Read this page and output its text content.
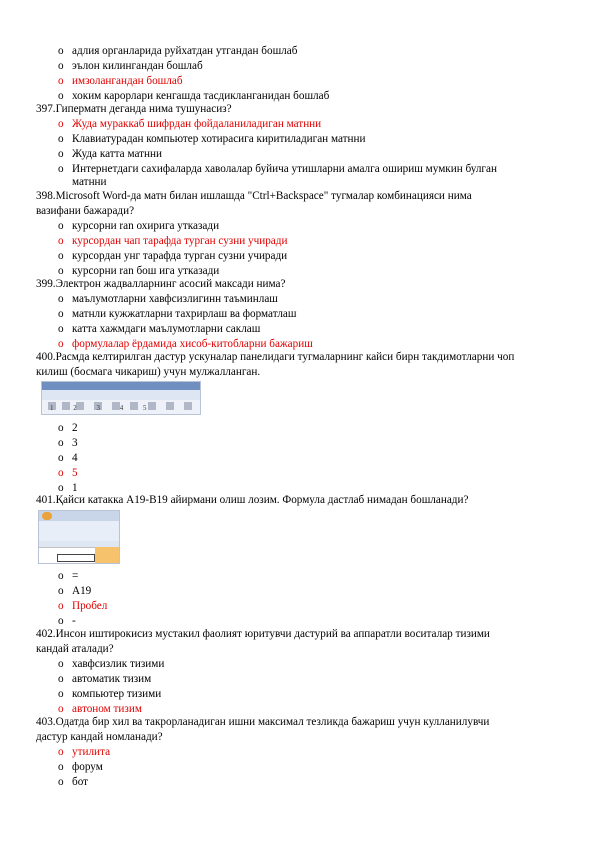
o адлия органларида руйхатдан утгандан бошлаб
o эълон килингандан бошлаб
o имзолангандан бошлаб
o хоким карорлари кенгашда тасдикланганидан бошлаб
397.Гиперматн деганда нима тушунасиз?
o Жуда мураккаб шифрдан фойдаланиладиган матнни
o Клавиатурадан компьютер хотирасига киритиладиган матнни
o Жуда катта матнни
o Интернетдаги сахифаларда хаволалар буйича утишларни амалга ошириш мумкин булган
матнни
398.Microsoft Word-да матн билан ишлашда "Ctrl+Backspace" тугмалар комбинацияси нима
вазифани бажаради?
o курсорни ran охирига утказади
o курсордан чап тарафда турган сузни учиради
o курсордан унг тарафда турган сузни учиради
o курсорни ran бош ига утказади
399.Электрон жадвалларнинг асосий максади нима?
o маълумотларни хавфсизлигинн таъминлаш
o матнли кужжатларни тахрирлаш ва форматлаш
o катта хажмдаги маълумотларни саклаш
o формулалар ёрдамида хисоб-китобларни бажариш
400.Расмда келтирилган дастур ускуналар панелидаги тугмаларнинг кайси бирн такдимотларни чоп
килиш (босмага чикариш) учун мулжалланган.
o 2
o 3
o 4
o 5
o 1
401.Қайси катакка А19-В19 айирмани олиш лозим. Формула дастлаб нимадан бошланади?
o =
o А19
o Пробел
o -
402.Инсон иштирокисиз мустакил фаолият юритувчи дастурий ва аппаратли воситалар тизими
кандай аталади?
o хавфсизлик тизими
o автоматик тизим
o компьютер тизими
o автоном тизим
403.Одатда бир хил ва такрорланадиган ишни максимал тезликда бажариш учун кулланилувчи
дастур кандай номланади?
o утилита
o форум
o бот
1 2 3 4 5
